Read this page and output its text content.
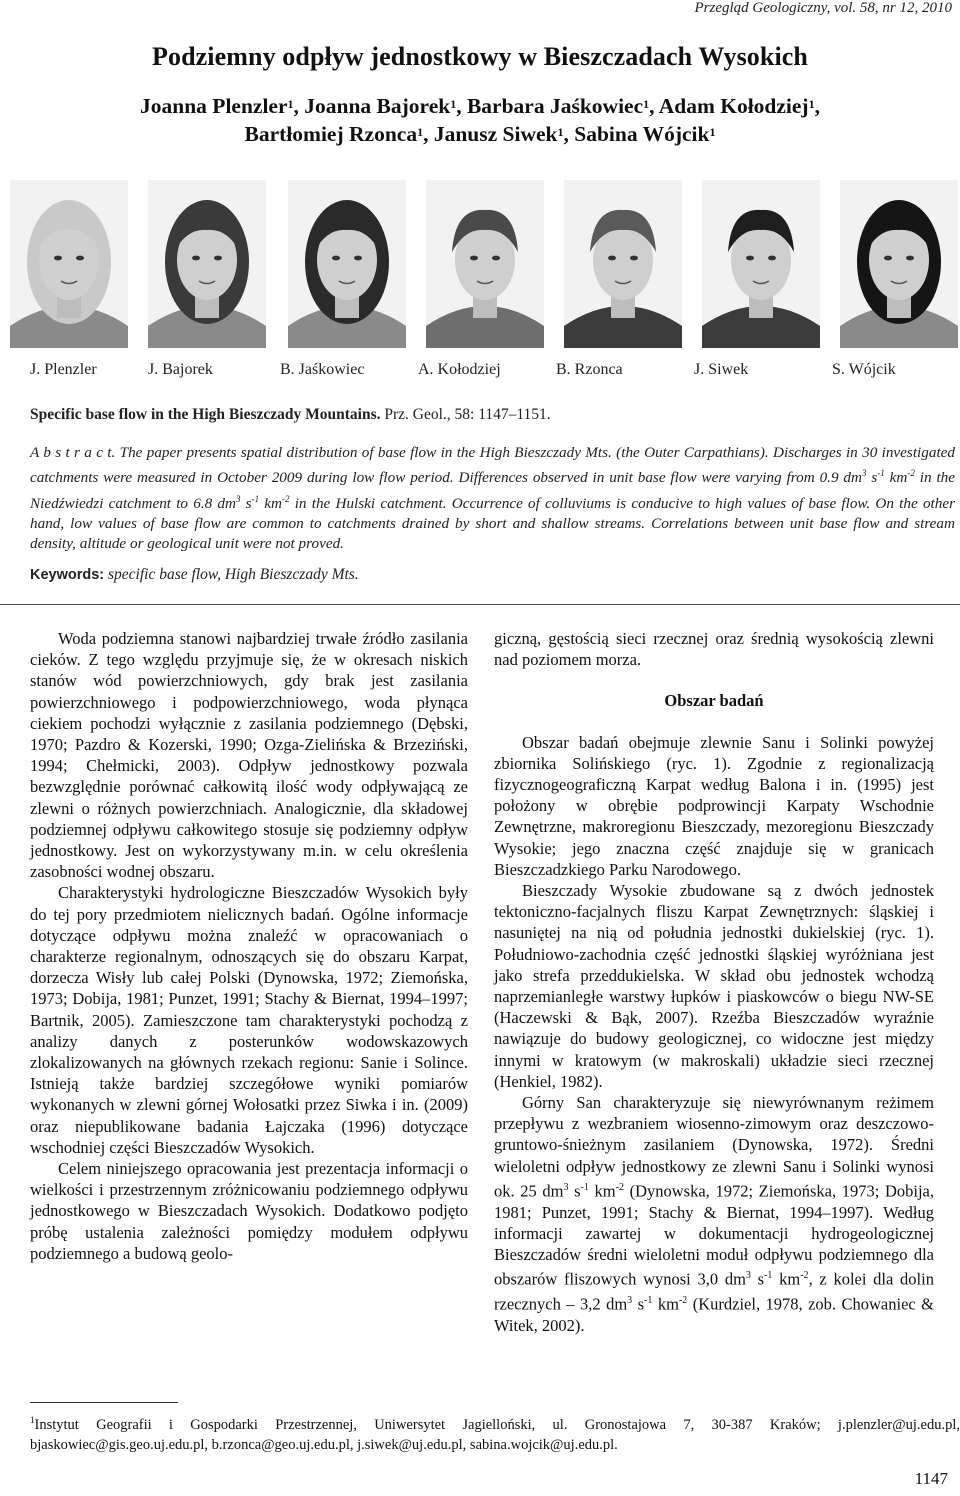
Przegląd Geologiczny, vol. 58, nr 12, 2010
Podziemny odpływ jednostkowy w Bieszczadach Wysokich
Joanna Plenzler$^1$, Joanna Bajorek$^1$, Barbara Jaśkowiec$^1$, Adam Kołodziej$^1$,
Bartłomiej Rzonca$^1$, Janusz Siwek$^1$, Sabina Wójcik$^1$
J. Plenzler	J. Bajorek	B. Jaśkowiec	A. Kołodziej	B. Rzonca	J. Siwek	S. Wójcik
Specific base flow in the High Bieszczady Mountains. Prz. Geol., 58: 1147–1151.
A b s t r a c t. The paper presents spatial distribution of base flow in the High Bieszczady Mts. (the Outer Carpathians). Discharges in 30 investigated catchments were measured in October 2009 during low flow period. Differences observed in unit base flow were varying from 0.9 $dm^3$ $s^{-1}$ $km^{-2}$ in the Niedźwiedzi catchment to 6.8 $dm^3$ $s^{-1}$ $km^{-2}$ in the Hulski catchment. Occurrence of colluviums is conducive to high values of base flow. On the other hand, low values of base flow are common to catchments drained by short and shallow streams. Correlations between unit base flow and stream density, altitude or geological unit were not proved.
Keywords: specific base flow, High Bieszczady Mts.

Woda podziemna stanowi najbardziej trwałe źródło zasilania cieków. Z tego względu przyjmuje się, że w okresach niskich stanów wód powierzchniowych, gdy brak jest zasilania powierzchniowego i podpowierzchniowego, woda płynąca ciekiem pochodzi wyłącznie z zasilania podziemnego (Dębski, 1970; Pazdro & Kozerski, 1990; Ozga-Zielińska & Brzeziński, 1994; Chełmicki, 2003). Odpływ jednostkowy pozwala bezwzględnie porównać całkowitą ilość wody odpływającą ze zlewni o różnych powierzchniach. Analogicznie, dla składowej podziemnej odpływu całkowitego stosuje się podziemny odpływ jednostkowy. Jest on wykorzystywany m.in. w celu określenia zasobności wodnej obszaru.

Charakterystyki hydrologiczne Bieszczadów Wysokich były do tej pory przedmiotem nielicznych badań. Ogólne informacje dotyczące odpływu można znaleźć w opracowaniach o charakterze regionalnym, odnoszących się do obszaru Karpat, dorzecza Wisły lub całej Polski (Dynowska, 1972; Ziemońska, 1973; Dobija, 1981; Punzet, 1991; Stachy & Biernat, 1994–1997; Bartnik, 2005). Zamieszczone tam charakterystyki pochodzą z analizy danych z posterunków wodowskazowych zlokalizowanych na głównych rzekach regionu: Sanie i Solince. Istnieją także bardziej szczegółowe wyniki pomiarów wykonanych w zlewni górnej Wołosatki przez Siwka i in. (2009) oraz niepublikowane badania Łajczaka (1996) dotyczące wschodniej części Bieszczadów Wysokich.

Celem niniejszego opracowania jest prezentacja informacji o wielkości i przestrzennym zróżnicowaniu podziemnego odpływu jednostkowego w Bieszczadach Wysokich. Dodatkowo podjęto próbę ustalenia zależności pomiędzy modułem odpływu podziemnego a budową geolo-

giczną, gęstością sieci rzecznej oraz średnią wysokością zlewni nad poziomem morza.

Obszar badań

Obszar badań obejmuje zlewnie Sanu i Solinki powyżej zbiornika Solińskiego (ryc. 1). Zgodnie z regionalizacją fizycznogeograficzną Karpat według Balona i in. (1995) jest położony w obrębie podprowincji Karpaty Wschodnie Zewnętrzne, makroregionu Bieszczady, mezoregionu Bieszczady Wysokie; jego znaczna część znajduje się w granicach Bieszczadzkiego Parku Narodowego.

Bieszczady Wysokie zbudowane są z dwóch jednostek tektoniczno-facjalnych fliszu Karpat Zewnętrznych: śląskiej i nasuniętej na nią od południa jednostki dukielskiej (ryc. 1). Południowo-zachodnia część jednostki śląskiej wyróżniana jest jako strefa przeddukielska. W skład obu jednostek wchodzą naprzemianległe warstwy łupków i piaskowców o biegu NW-SE (Haczewski & Bąk, 2007). Rzeźba Bieszczadów wyraźnie nawiązuje do budowy geologicznej, co widoczne jest między innymi w kratowym (w makroskali) układzie sieci rzecznej (Henkiel, 1982).

Górny San charakteryzuje się niewyrównanym reżimem przepływu z wezbraniem wiosenno-zimowym oraz deszczowo-gruntowo-śnieżnym zasilaniem (Dynowska, 1972). Średni wieloletni odpływ jednostkowy ze zlewni Sanu i Solinki wynosi ok. 25 $dm^3$ $s^{-1}$ $km^{-2}$ (Dynowska, 1972; Ziemońska, 1973; Dobija, 1981; Punzet, 1991; Stachy & Biernat, 1994–1997). Według informacji zawartej w dokumentacji hydrogeologicznej Bieszczadów średni wieloletni moduł odpływu podziemnego dla obszarów fliszowych wynosi 3,0 $dm^3$ $s^{-1}$ $km^{-2}$, z kolei dla dolin rzecznych – 3,2 $dm^3$ $s^{-1}$ $km^{-2}$ (Kurdziel, 1978, zob. Chowaniec & Witek, 2002).

$^1$Instytut Geografii i Gospodarki Przestrzennej, Uniwersytet Jagielloński, ul. Gronostajowa 7, 30-387 Kraków; j.plenzler@uj.edu.pl, bjaskowiec@gis.geo.uj.edu.pl, b.rzonca@geo.uj.edu.pl, j.siwek@uj.edu.pl, sabina.wojcik@uj.edu.pl.
1147
